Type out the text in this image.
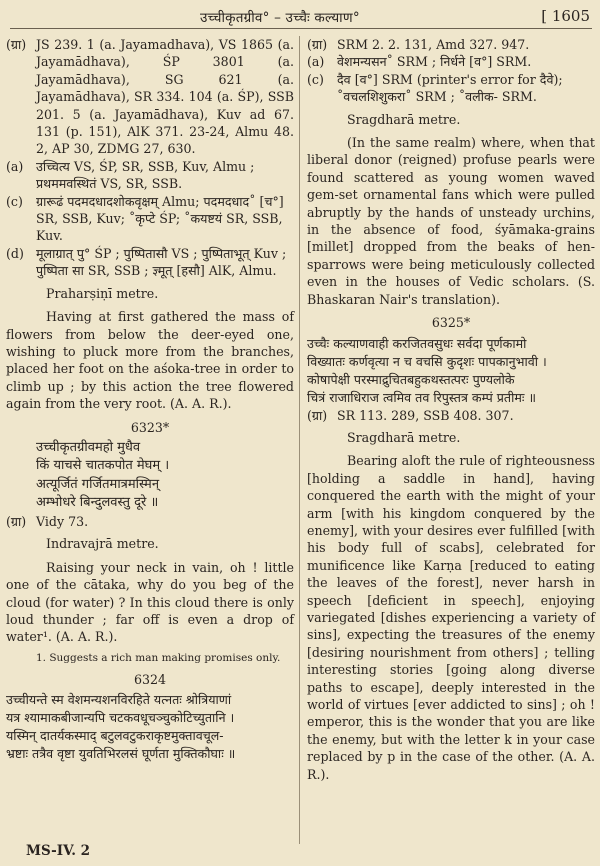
उच्चीकृतग्रीव° – उच्चैः कल्याण°	[ 1605
(ग्रा) JS 239. 1 (a. Jayamadhava), VS 1865 (a. Jayamādhava), ŚP 3801 (a. Jayamādhava), SG 621 (a. Jayamādhava), SR 334. 104 (a. ŚP), SSB 201. 5 (a. Jayamādhava), Kuv ad 67. 131 (p. 151), AlK 371. 23-24, Almu 48. 2, AP 30, ZDMG 27, 630.

(a)	उच्चित्य VS, ŚP, SR, SSB, Kuv, Almu ; प्रथममवस्थितं VS, SR, SSB.

(c)	ग्रारूढं पदमदधादशोकवृक्षम् Almu; पदमदधाद˚ [च°] SR, SSB, Kuv; ˚कृप्टे ŚP; ˚कयष्टयं SR, SSB, Kuv.

(d) मूलाग्रात् पु° ŚP ; पुष्पितासौ VS ; पुष्पिताभूत् Kuv ; पुष्पिता सा SR, SSB ; ज्ञ्मूत् [हसौ] AlK, Almu.

Praharṣiṇī metre.

Having at first gathered the mass of flowers from below the deer-eyed one, wishing to pluck more from the branches, placed her foot on the aśoka-tree in order to climb up ; by this action the tree flowered again from the very root. (A. A. R.).

6323*

उच्चीकृतग्रीवमहो मुधैव

किं याचसे चातकपोत मेघम् ।

अत्यूर्जितं गर्जितमात्रमस्मिन्

अम्भोधरे बिन्दुलवस्तु दूरे ॥

(ग्रा) Vidy 73.

Indravajrā metre.

Raising your neck in vain, oh ! little one of the cātaka, why do you beg of the cloud (for water) ? In this cloud there is only loud thunder ; far off is even a drop of water¹. (A. A. R.).

1. Suggests a rich man making promises only.

6324

उच्चीयन्ते स्म वेशमन्यशनविरहिते यत्नतः श्रोत्रियाणां

यत्र श्यामाकबीजान्यपि चटकवधूचञ्चुकोटिच्युतानि ।

यस्मिन् दातर्यकस्माद् बटुलवटुकराकृष्टमुक्तावचूल-

भ्रष्टाः तत्रैव वृष्टा युवतिभिरलसं घूर्णता मुक्तिकौघाः ॥

(ग्रा) SRM 2. 2. 131, Amd 327. 947.

(a)	वेशमन्यसन˚ SRM ; निर्धने [व°] SRM.

(c)	दैव [व°] SRM (printer's error for दैवे); ˚वचलशिशुकरा˚ SRM ; ˚वलीक- SRM.

Sragdharā metre.

(In the same realm) where, when that liberal donor (reigned) profuse pearls were found scattered as young women waved gem-set ornamental fans which were pulled abruptly by the hands of unsteady urchins, in the absence of food, śyāmaka-grains [millet] dropped from the beaks of hen-sparrows were being meticulously collected even in the houses of Vedic scholars. (S. Bhaskaran Nair's translation).

6325*

उच्चैः कल्याणवाही करजितवसुधः सर्वदा पूर्णकामो

विख्यातः कर्णवृत्या न च वचसि कुदृशः पापकानुभावी ।

कोषापेक्षी परस्माद्रुचितबहुकथस्तत्परः पुण्यलोके

चित्रं राजाधिराज त्वमिव तव रिपुस्तत्र कम्पं प्रतीमः ॥

(ग्रा) SR 113. 289, SSB 408. 307.

Sragdharā metre.

Bearing aloft the rule of righteousness [holding a saddle in hand], having conquered the earth with the might of your arm [with his kingdom conquered by the enemy], with your desires ever fulfilled [with his body full of scabs], celebrated for munificence like Karṇa [reduced to eating the leaves of the forest], never harsh in speech [deficient in speech], enjoying variegated [dishes experiencing a variety of sins], expecting the treasures of the enemy [desiring nourishment from others] ; telling interesting stories [going along diverse paths to escape], deeply interested in the world of virtues [ever addicted to sins] ; oh ! emperor, this is the wonder that you are like the enemy, but with the letter k in your case replaced by p in the case of the other. (A. A. R.).

MS-IV. 2
